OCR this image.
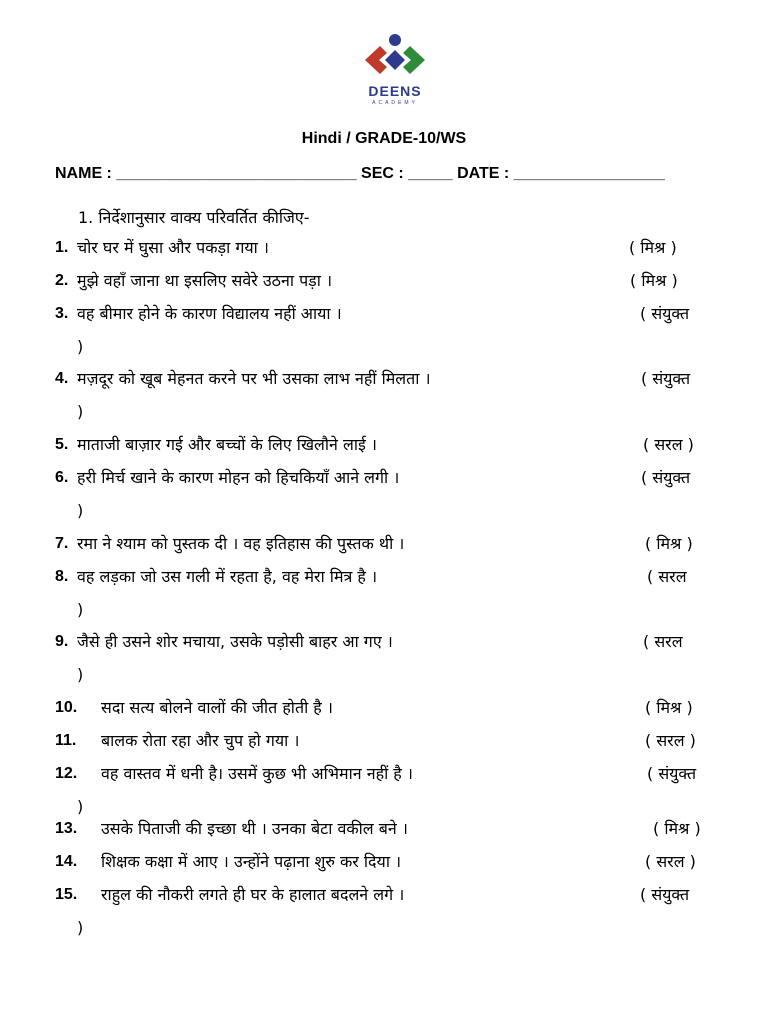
DEENS
ACADEMY
Hindi / GRADE-10/WS
NAME : ___________________________ SEC : _____ DATE : _________________
1. निर्देशानुसार वाक्य परिवर्तित कीजिए-
1. चोर घर में घुसा और पकड़ा गया ।	( मिश्र )
2. मुझे वहाँ जाना था इसलिए सवेरे उठना पड़ा ।	( मिश्र )
3. वह बीमार होने के कारण विद्यालय नहीं आया ।	( संयुक्त
)
4. मज़दूर को खूब मेहनत करने पर भी उसका लाभ नहीं मिलता ।	( संयुक्त
)
5. माताजी बाज़ार गई और बच्चों के लिए खिलौने लाई ।	( सरल )
6. हरी मिर्च खाने के कारण मोहन को हिचकियाँ आने लगी ।	( संयुक्त
)
7. रमा ने श्याम को पुस्तक दी । वह इतिहास की पुस्तक थी ।	( मिश्र )
8. वह लड़का जो उस गली में रहता है, वह मेरा मित्र है ।	( सरल
)
9. जैसे ही उसने शोर मचाया, उसके पड़ोसी बाहर आ गए ।	( सरल
)
10. सदा सत्य बोलने वालों की जीत होती है ।	( मिश्र )
11. बालक रोता रहा और चुप हो गया ।	( सरल )
12. वह वास्तव में धनी है। उसमें कुछ भी अभिमान नहीं है ।	( संयुक्त
)
13. उसके पिताजी की इच्छा थी । उनका बेटा वकील बने ।	( मिश्र )
14. शिक्षक कक्षा में आए । उन्होंने पढ़ाना शुरु कर दिया ।	( सरल )
15. राहुल की नौकरी लगते ही घर के हालात बदलने लगे ।	( संयुक्त
)
